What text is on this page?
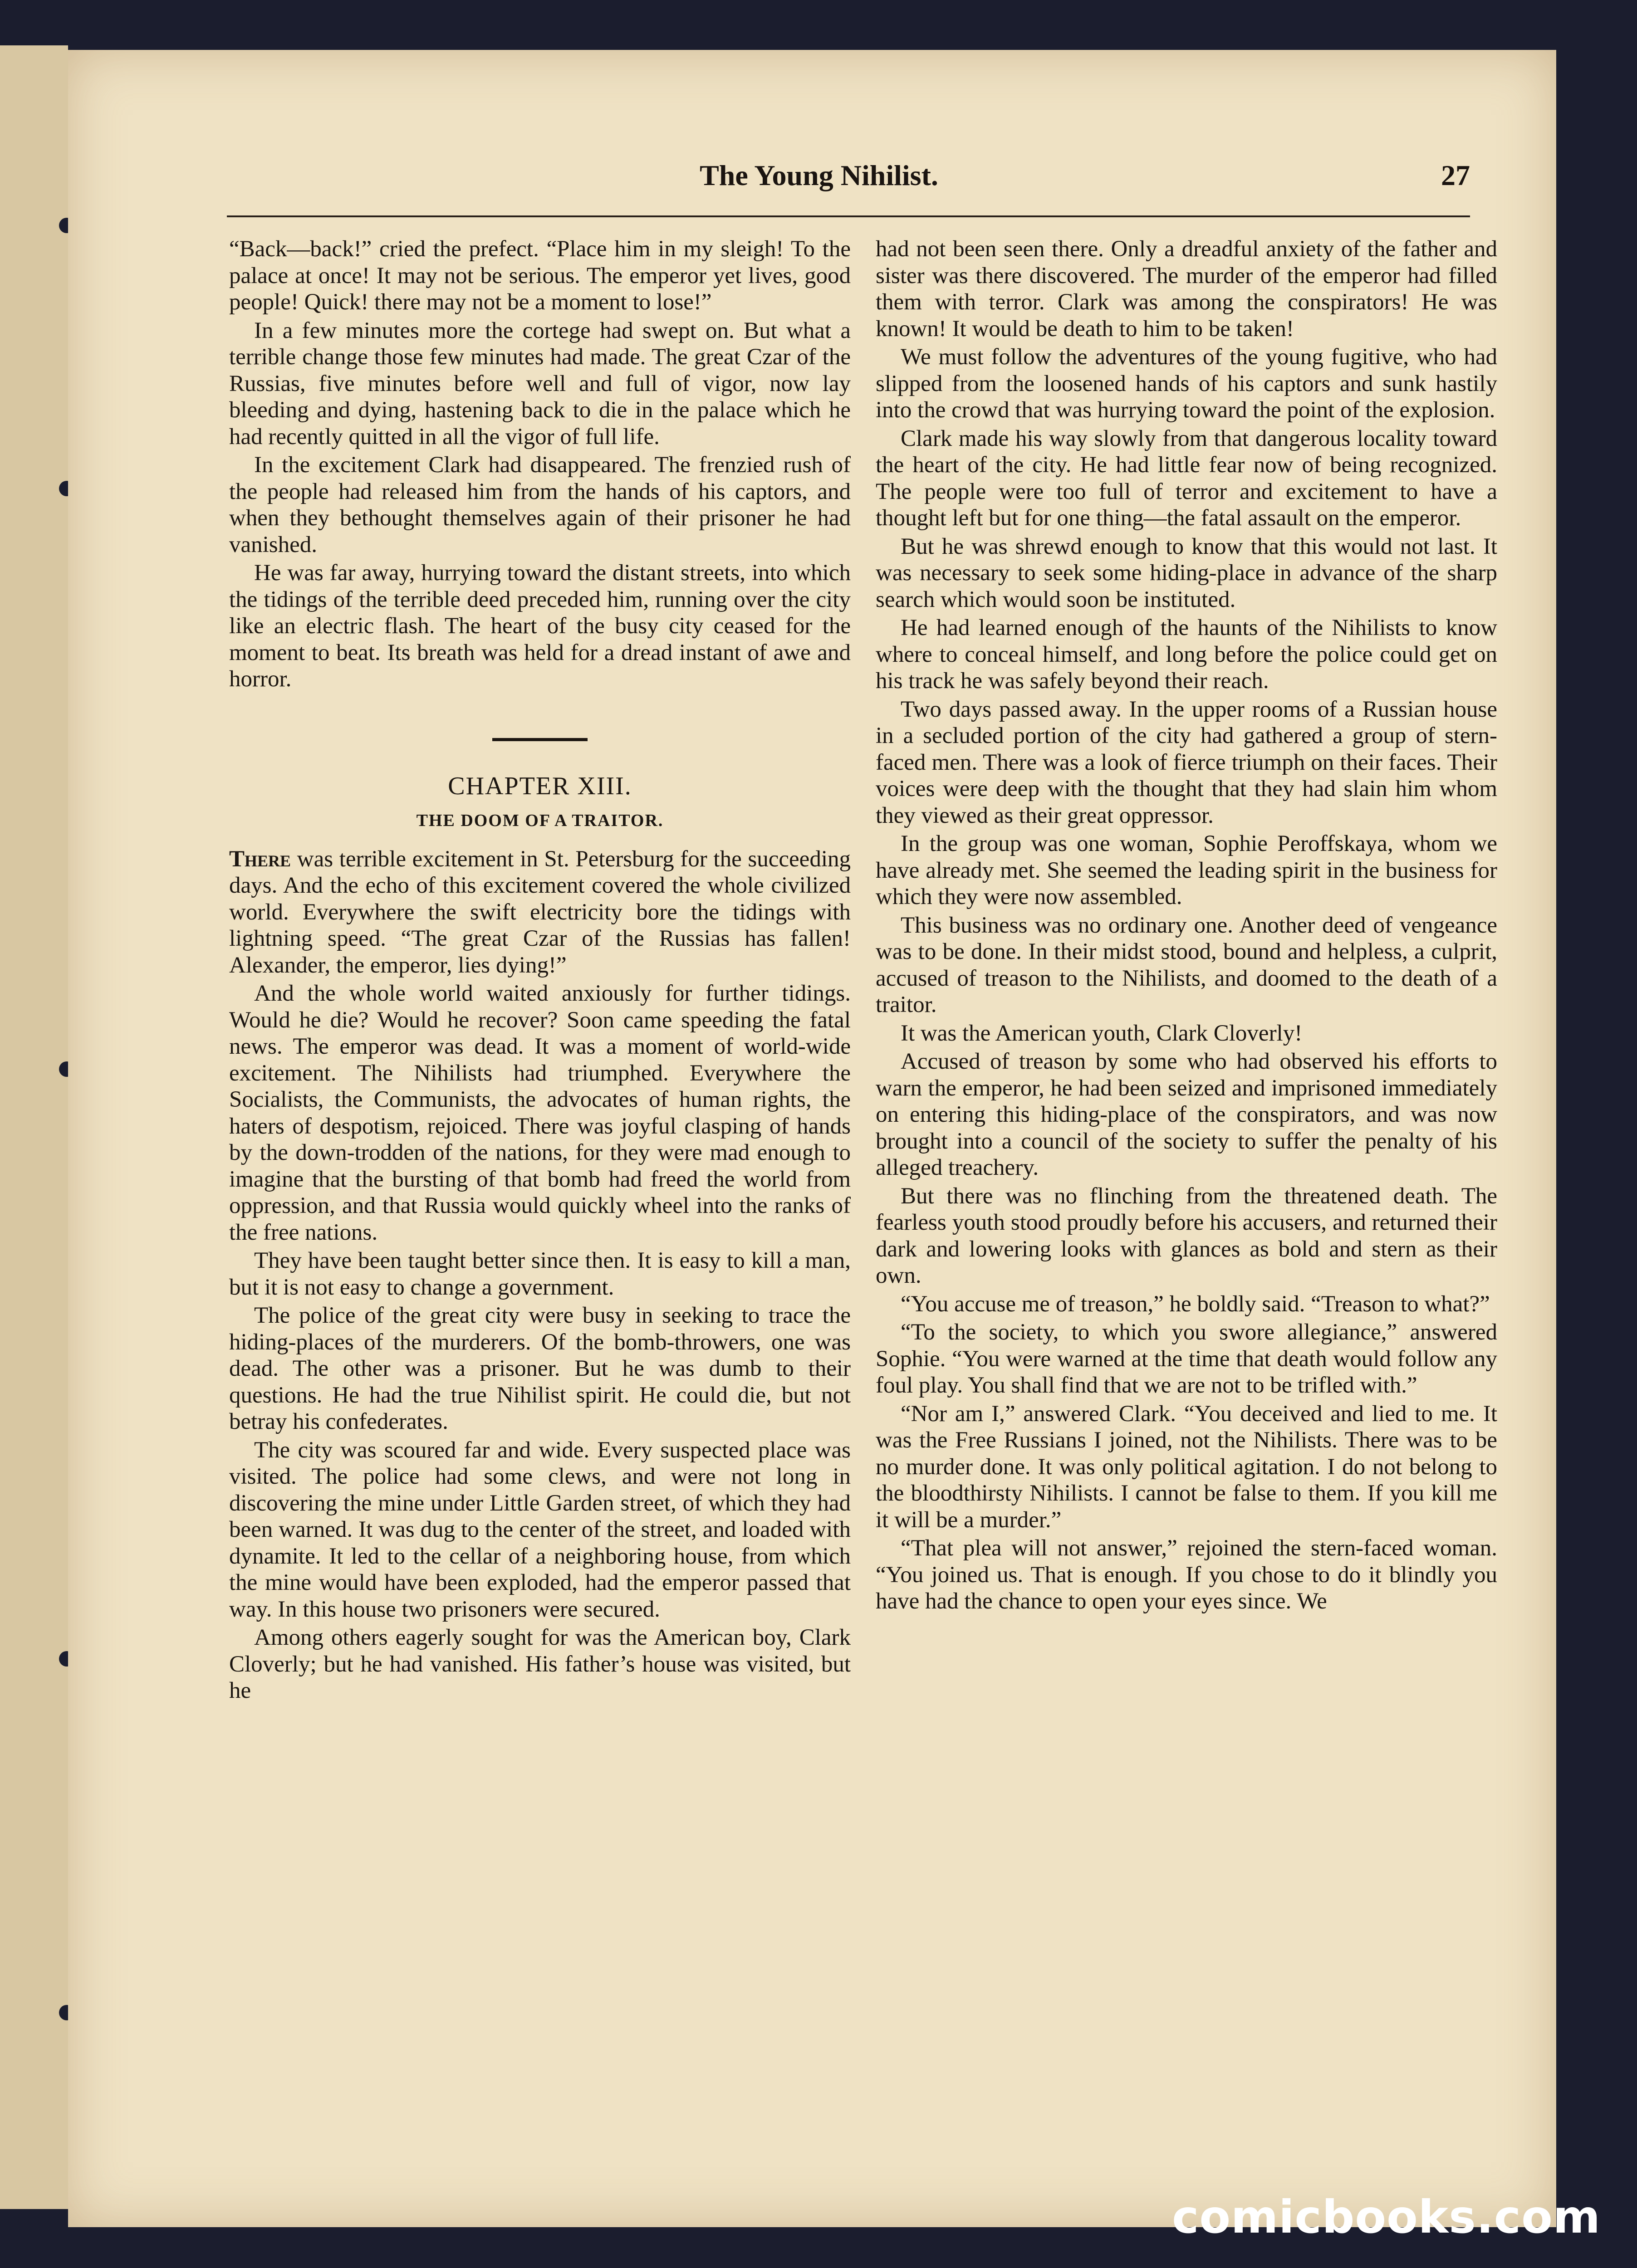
The Young Nihilist.	27

“Back—back!” cried the prefect. “Place him in my sleigh! To the palace at once! It may not be serious. The emperor yet lives, good people! Quick! there may not be a moment to lose!”

In a few minutes more the cortege had swept on. But what a terrible change those few minutes had made. The great Czar of the Russias, five minutes before well and full of vigor, now lay bleeding and dying, hastening back to die in the palace which he had recently quitted in all the vigor of full life.

In the excitement Clark had disappeared. The frenzied rush of the people had released him from the hands of his captors, and when they bethought themselves again of their prisoner he had vanished.

He was far away, hurrying toward the distant streets, into which the tidings of the terrible deed preceded him, running over the city like an electric flash. The heart of the busy city ceased for the moment to beat. Its breath was held for a dread instant of awe and horror.

CHAPTER XIII.
THE DOOM OF A TRAITOR.

There was terrible excitement in St. Petersburg for the succeeding days. And the echo of this excitement covered the whole civilized world. Everywhere the swift electricity bore the tidings with lightning speed. “The great Czar of the Russias has fallen! Alexander, the emperor, lies dying!”

And the whole world waited anxiously for further tidings. Would he die? Would he recover? Soon came speeding the fatal news. The emperor was dead. It was a moment of world-wide excitement. The Nihilists had triumphed. Everywhere the Socialists, the Communists, the advocates of human rights, the haters of despotism, rejoiced. There was joyful clasping of hands by the down-trodden of the nations, for they were mad enough to imagine that the bursting of that bomb had freed the world from oppression, and that Russia would quickly wheel into the ranks of the free nations.

They have been taught better since then. It is easy to kill a man, but it is not easy to change a government.

The police of the great city were busy in seeking to trace the hiding-places of the murderers. Of the bomb-throwers, one was dead. The other was a prisoner. But he was dumb to their questions. He had the true Nihilist spirit. He could die, but not betray his confederates.

The city was scoured far and wide. Every suspected place was visited. The police had some clews, and were not long in discovering the mine under Little Garden street, of which they had been warned. It was dug to the center of the street, and loaded with dynamite. It led to the cellar of a neighboring house, from which the mine would have been exploded, had the emperor passed that way. In this house two prisoners were secured.

Among others eagerly sought for was the American boy, Clark Cloverly; but he had vanished. His father’s house was visited, but he

had not been seen there. Only a dreadful anxiety of the father and sister was there discovered. The murder of the emperor had filled them with terror. Clark was among the conspirators! He was known! It would be death to him to be taken!

We must follow the adventures of the young fugitive, who had slipped from the loosened hands of his captors and sunk hastily into the crowd that was hurrying toward the point of the explosion.

Clark made his way slowly from that dangerous locality toward the heart of the city. He had little fear now of being recognized. The people were too full of terror and excitement to have a thought left but for one thing—the fatal assault on the emperor.

But he was shrewd enough to know that this would not last. It was necessary to seek some hiding-place in advance of the sharp search which would soon be instituted.

He had learned enough of the haunts of the Nihilists to know where to conceal himself, and long before the police could get on his track he was safely beyond their reach.

Two days passed away. In the upper rooms of a Russian house in a secluded portion of the city had gathered a group of stern-faced men. There was a look of fierce triumph on their faces. Their voices were deep with the thought that they had slain him whom they viewed as their great oppressor.

In the group was one woman, Sophie Peroffskaya, whom we have already met. She seemed the leading spirit in the business for which they were now assembled.

This business was no ordinary one. Another deed of vengeance was to be done. In their midst stood, bound and helpless, a culprit, accused of treason to the Nihilists, and doomed to the death of a traitor.

It was the American youth, Clark Cloverly!

Accused of treason by some who had observed his efforts to warn the emperor, he had been seized and imprisoned immediately on entering this hiding-place of the conspirators, and was now brought into a council of the society to suffer the penalty of his alleged treachery.

But there was no flinching from the threatened death. The fearless youth stood proudly before his accusers, and returned their dark and lowering looks with glances as bold and stern as their own.

“You accuse me of treason,” he boldly said. “Treason to what?”

“To the society, to which you swore allegiance,” answered Sophie. “You were warned at the time that death would follow any foul play. You shall find that we are not to be trifled with.”

“Nor am I,” answered Clark. “You deceived and lied to me. It was the Free Russians I joined, not the Nihilists. There was to be no murder done. It was only political agitation. I do not belong to the bloodthirsty Nihilists. I cannot be false to them. If you kill me it will be a murder.”

“That plea will not answer,” rejoined the stern-faced woman. “You joined us. That is enough. If you chose to do it blindly you have had the chance to open your eyes since. We

comicbooks.com
